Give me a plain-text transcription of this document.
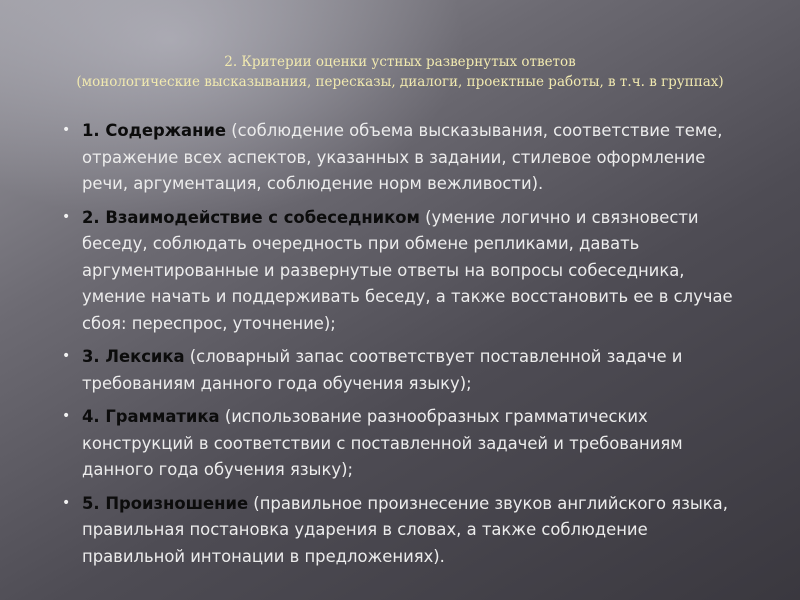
2. Критерии оценки устных развернутых ответов
(монологические высказывания, пересказы, диалоги, проектные работы, в т.ч. в группах)
• 1. Содержание (соблюдение объема высказывания, соответствие теме, отражение всех аспектов, указанных в задании, стилевое оформление речи, аргументация, соблюдение норм вежливости).
• 2. Взаимодействие с собеседником (умение логично и связновести беседу, соблюдать очередность при обмене репликами, давать аргументированные и развернутые ответы на вопросы собеседника, умение начать и поддерживать беседу, а также восстановить ее в случае сбоя: переспрос, уточнение);
• 3. Лексика (словарный запас соответствует поставленной задаче и требованиям данного года обучения языку);
• 4. Грамматика (использование разнообразных грамматических конструкций в соответствии с поставленной задачей и требованиям данного года обучения языку);
• 5. Произношение (правильное произнесение звуков английского языка, правильная постановка ударения в словах, а также соблюдение правильной интонации в предложениях).
